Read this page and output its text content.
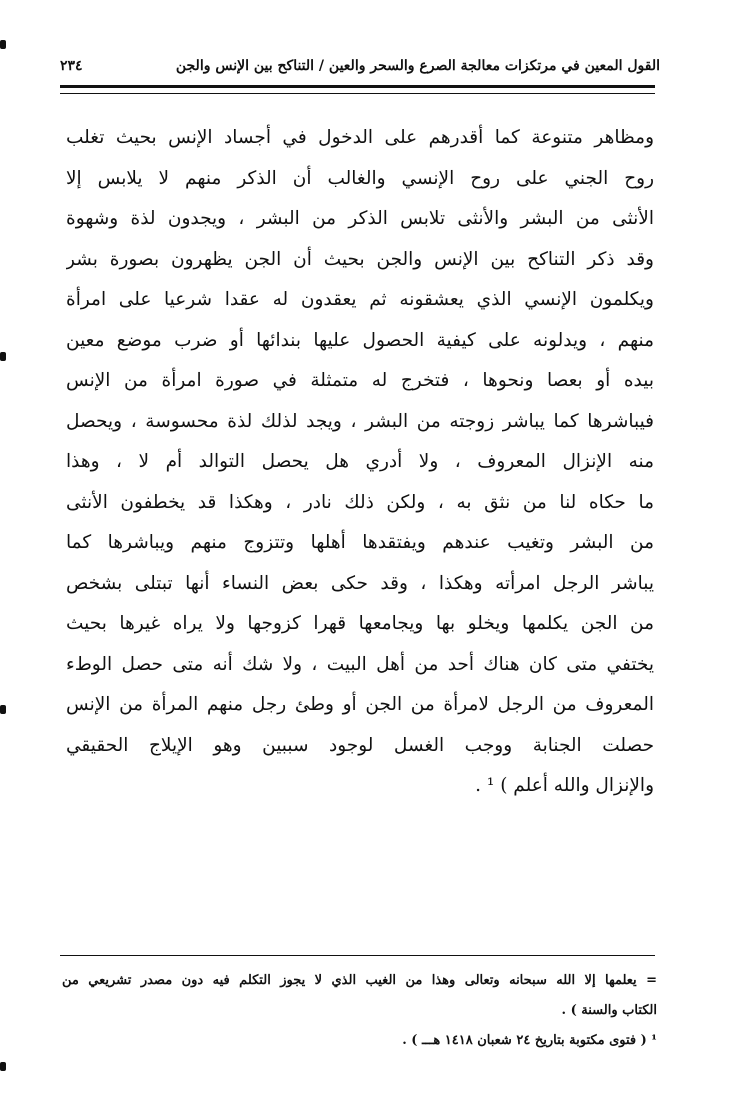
القول المعين في مرتكزات معالجة الصرع والسحر والعين / التناكح بين الإنس والجن
٢٣٤
ومظاهر متنوعة كما أقدرهم على الدخول في أجساد الإنس بحيث تغلب
روح الجني على روح الإنسي والغالب أن الذكر منهم لا يلابس إلا
الأنثى من البشر والأنثى تلابس الذكر من البشر ، ويجدون لذة وشهوة
وقد ذكر التناكح بين الإنس والجن بحيث أن الجن يظهرون بصورة بشر
ويكلمون الإنسي الذي يعشقونه ثم يعقدون له عقدا شرعيا على امرأة
منهم ، ويدلونه على كيفية الحصول عليها بندائها أو ضرب موضع معين
بيده أو بعصا ونحوها ، فتخرج له متمثلة في صورة امرأة من الإنس
فيباشرها كما يباشر زوجته من البشر ، ويجد لذلك لذة محسوسة ، ويحصل
منه الإنزال المعروف ، ولا أدري هل يحصل التوالد أم لا ، وهذا
ما حكاه لنا من نثق به ، ولكن ذلك نادر ، وهكذا قد يخطفون الأنثى
من البشر وتغيب عندهم ويفتقدها أهلها وتتزوج منهم ويباشرها كما
يباشر الرجل امرأته وهكذا ، وقد حكى بعض النساء أنها تبتلى بشخص
من الجن يكلمها ويخلو بها ويجامعها قهرا كزوجها ولا يراه غيرها بحيث
يختفي متى كان هناك أحد من أهل البيت ، ولا شك أنه متى حصل الوطء
المعروف من الرجل لامرأة من الجن أو وطئ رجل منهم المرأة من الإنس
حصلت الجنابة ووجب الغسل لوجود سببين وهو الإيلاج الحقيقي
والإنزال والله أعلم ) ¹ .
= يعلمها إلا الله سبحانه وتعالى وهذا من الغيب الذي لا يجوز التكلم فيه دون مصدر تشريعي من
الكتاب والسنة ) .
¹ ( فتوى مكتوبة بتاريخ ٢٤ شعبان ١٤١٨ هـــ ) .
